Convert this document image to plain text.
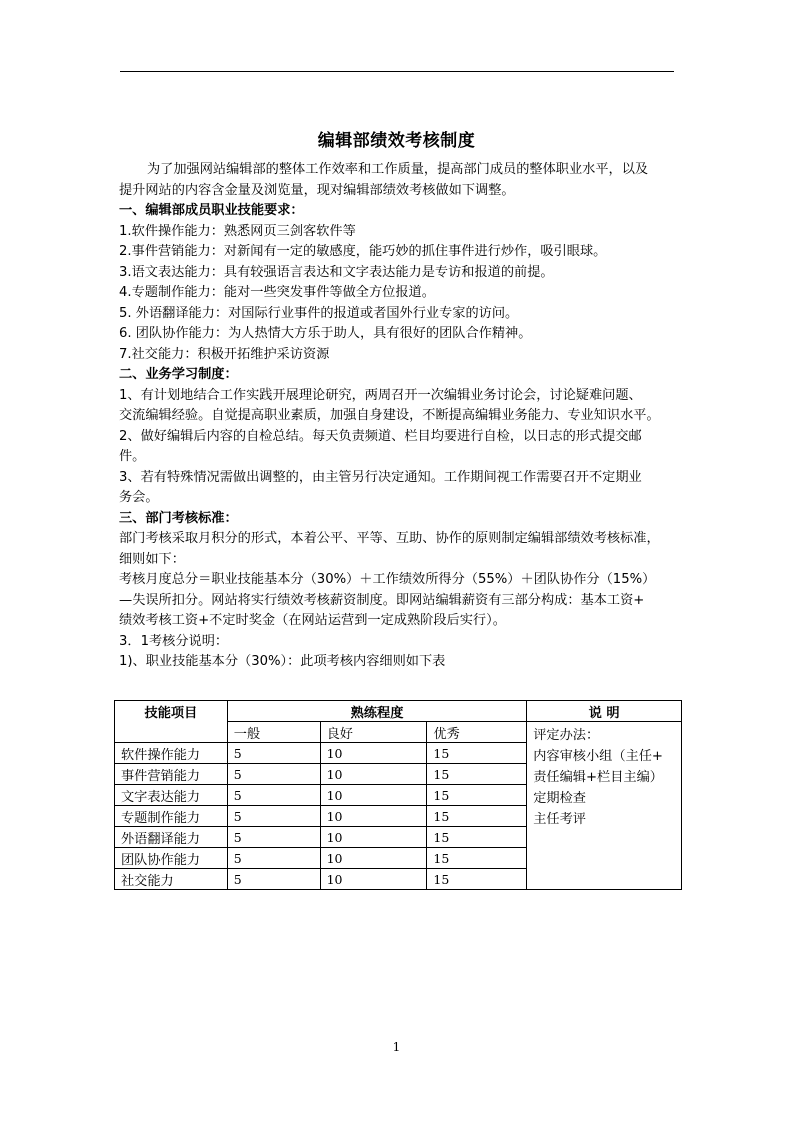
编辑部绩效考核制度
为了加强网站编辑部的整体工作效率和工作质量，提高部门成员的整体职业水平，以及
提升网站的内容含金量及浏览量，现对编辑部绩效考核做如下调整。
一、编辑部成员职业技能要求：
1.软件操作能力：熟悉网页三剑客软件等
2.事件营销能力：对新闻有一定的敏感度，能巧妙的抓住事件进行炒作，吸引眼球。
3.语文表达能力：具有较强语言表达和文字表达能力是专访和报道的前提。
4.专题制作能力：能对一些突发事件等做全方位报道。
5. 外语翻译能力：对国际行业事件的报道或者国外行业专家的访问。
6. 团队协作能力：为人热情大方乐于助人，具有很好的团队合作精神。
7.社交能力：积极开拓维护采访资源
二、业务学习制度：
1、有计划地结合工作实践开展理论研究，两周召开一次编辑业务讨论会，讨论疑难问题、
交流编辑经验。自觉提高职业素质，加强自身建设，不断提高编辑业务能力、专业知识水平。
2、做好编辑后内容的自检总结。每天负责频道、栏目均要进行自检，以日志的形式提交邮
件。
3、若有特殊情况需做出调整的，由主管另行决定通知。工作期间视工作需要召开不定期业
务会。
三、部门考核标准：
部门考核采取月积分的形式，本着公平、平等、互助、协作的原则制定编辑部绩效考核标准，
细则如下：
考核月度总分＝职业技能基本分（30%）＋工作绩效所得分（55%）＋团队协作分（15%）
—失误所扣分。网站将实行绩效考核薪资制度。即网站编辑薪资有三部分构成：基本工资+
绩效考核工资+不定时奖金（在网站运营到一定成熟阶段后实行）。
3．1考核分说明：
1)、职业技能基本分（30%）：此项考核内容细则如下表
技能项目	熟练程度			说 明
	一般	良好	优秀	评定办法：
内容审核小组（主任+
责任编辑+栏目主编）
定期检查
主任考评

软件操作能力	5	10	15	
事件营销能力	5	10	15	
文字表达能力	5	10	15	
专题制作能力	5	10	15	
外语翻译能力	5	10	15	
团队协作能力	5	10	15	
社交能力	5	10	15	
1
